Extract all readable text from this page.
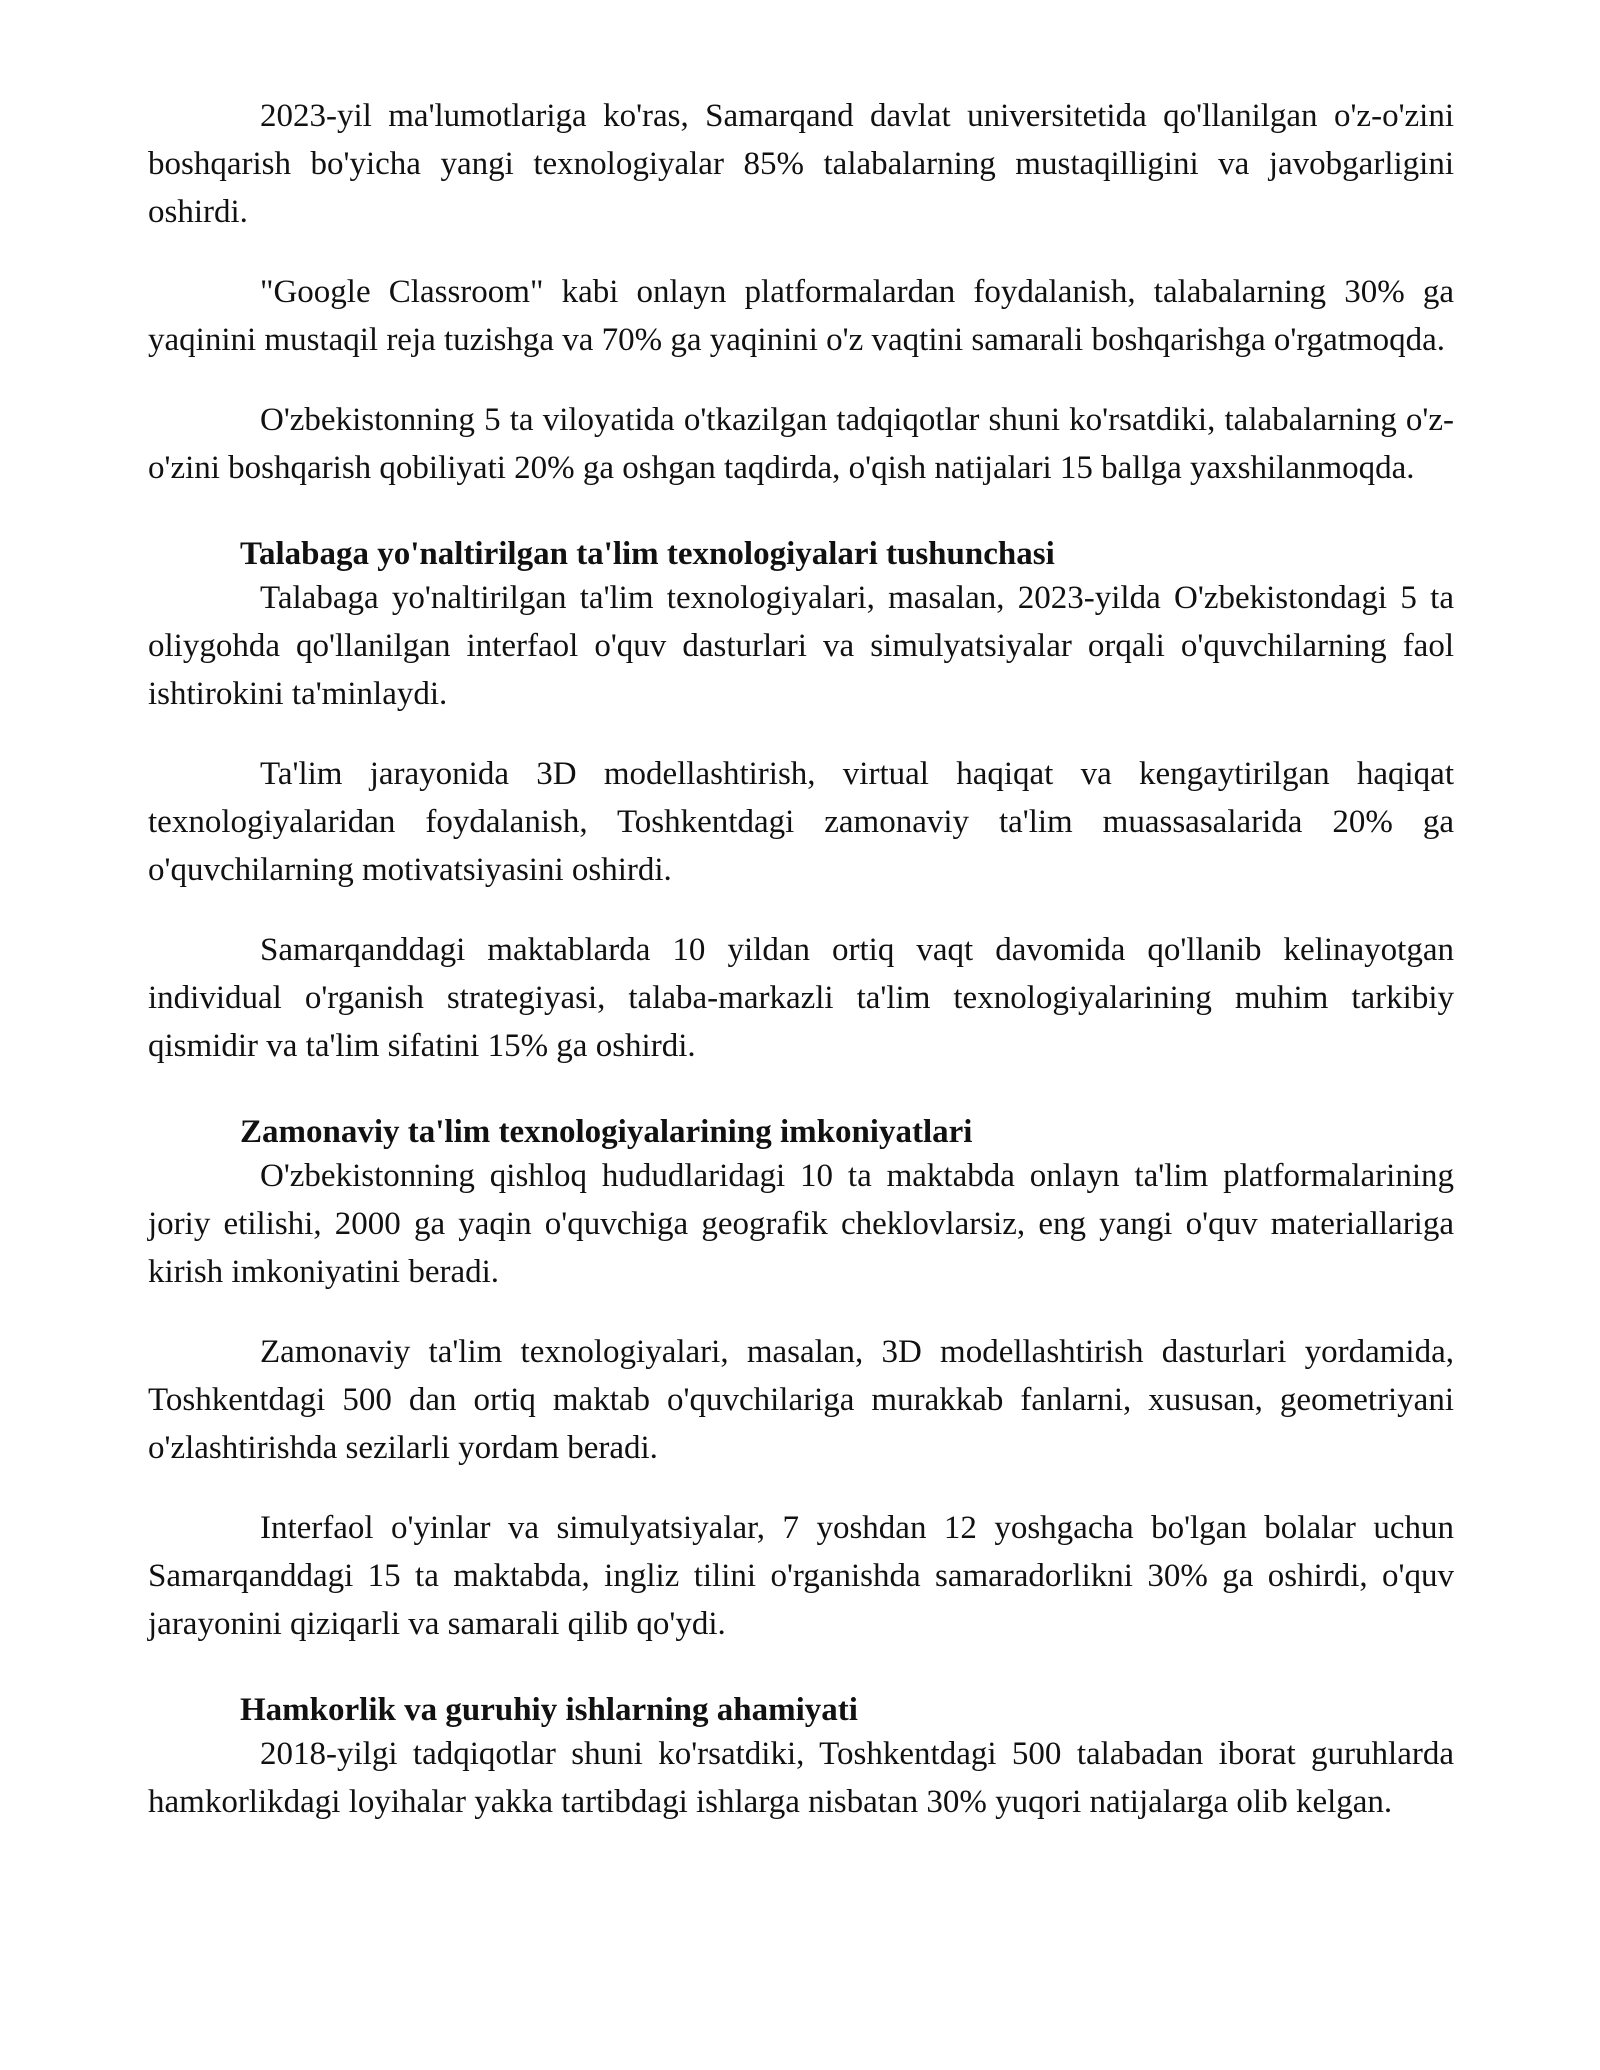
2023-yil ma'lumotlariga ko'ras, Samarqand davlat universitetida qo'llanilgan o'z-o'zini boshqarish bo'yicha yangi texnologiyalar 85% talabalarning mustaqilligini va javobgarligini oshirdi.

"Google Classroom" kabi onlayn platformalardan foydalanish, talabalarning 30% ga yaqinini mustaqil reja tuzishga va 70% ga yaqinini o'z vaqtini samarali boshqarishga o'rgatmoqda.

O'zbekistonning 5 ta viloyatida o'tkazilgan tadqiqotlar shuni ko'rsatdiki, talabalarning o'z-o'zini boshqarish qobiliyati 20% ga oshgan taqdirda, o'qish natijalari 15 ballga yaxshilanmoqda.

Talabaga yo'naltirilgan ta'lim texnologiyalari tushunchasi

Talabaga yo'naltirilgan ta'lim texnologiyalari, masalan, 2023-yilda O'zbekistondagi 5 ta oliygohda qo'llanilgan interfaol o'quv dasturlari va simulyatsiyalar orqali o'quvchilarning faol ishtirokini ta'minlaydi.

Ta'lim jarayonida 3D modellashtirish, virtual haqiqat va kengaytirilgan haqiqat texnologiyalaridan foydalanish, Toshkentdagi zamonaviy ta'lim muassasalarida 20% ga o'quvchilarning motivatsiyasini oshirdi.

Samarqanddagi maktablarda 10 yildan ortiq vaqt davomida qo'llanib kelinayotgan individual o'rganish strategiyasi, talaba-markazli ta'lim texnologiyalarining muhim tarkibiy qismidir va ta'lim sifatini 15% ga oshirdi.

Zamonaviy ta'lim texnologiyalarining imkoniyatlari

O'zbekistonning qishloq hududlaridagi 10 ta maktabda onlayn ta'lim platformalarining joriy etilishi, 2000 ga yaqin o'quvchiga geografik cheklovlarsiz, eng yangi o'quv materiallariga kirish imkoniyatini beradi.

Zamonaviy ta'lim texnologiyalari, masalan, 3D modellashtirish dasturlari yordamida, Toshkentdagi 500 dan ortiq maktab o'quvchilariga murakkab fanlarni, xususan, geometriyani o'zlashtirishda sezilarli yordam beradi.

Interfaol o'yinlar va simulyatsiyalar, 7 yoshdan 12 yoshgacha bo'lgan bolalar uchun Samarqanddagi 15 ta maktabda, ingliz tilini o'rganishda samaradorlikni 30% ga oshirdi, o'quv jarayonini qiziqarli va samarali qilib qo'ydi.

Hamkorlik va guruhiy ishlarning ahamiyati

2018-yilgi tadqiqotlar shuni ko'rsatdiki, Toshkentdagi 500 talabadan iborat guruhlarda hamkorlikdagi loyihalar yakka tartibdagi ishlarga nisbatan 30% yuqori natijalarga olib kelgan.
